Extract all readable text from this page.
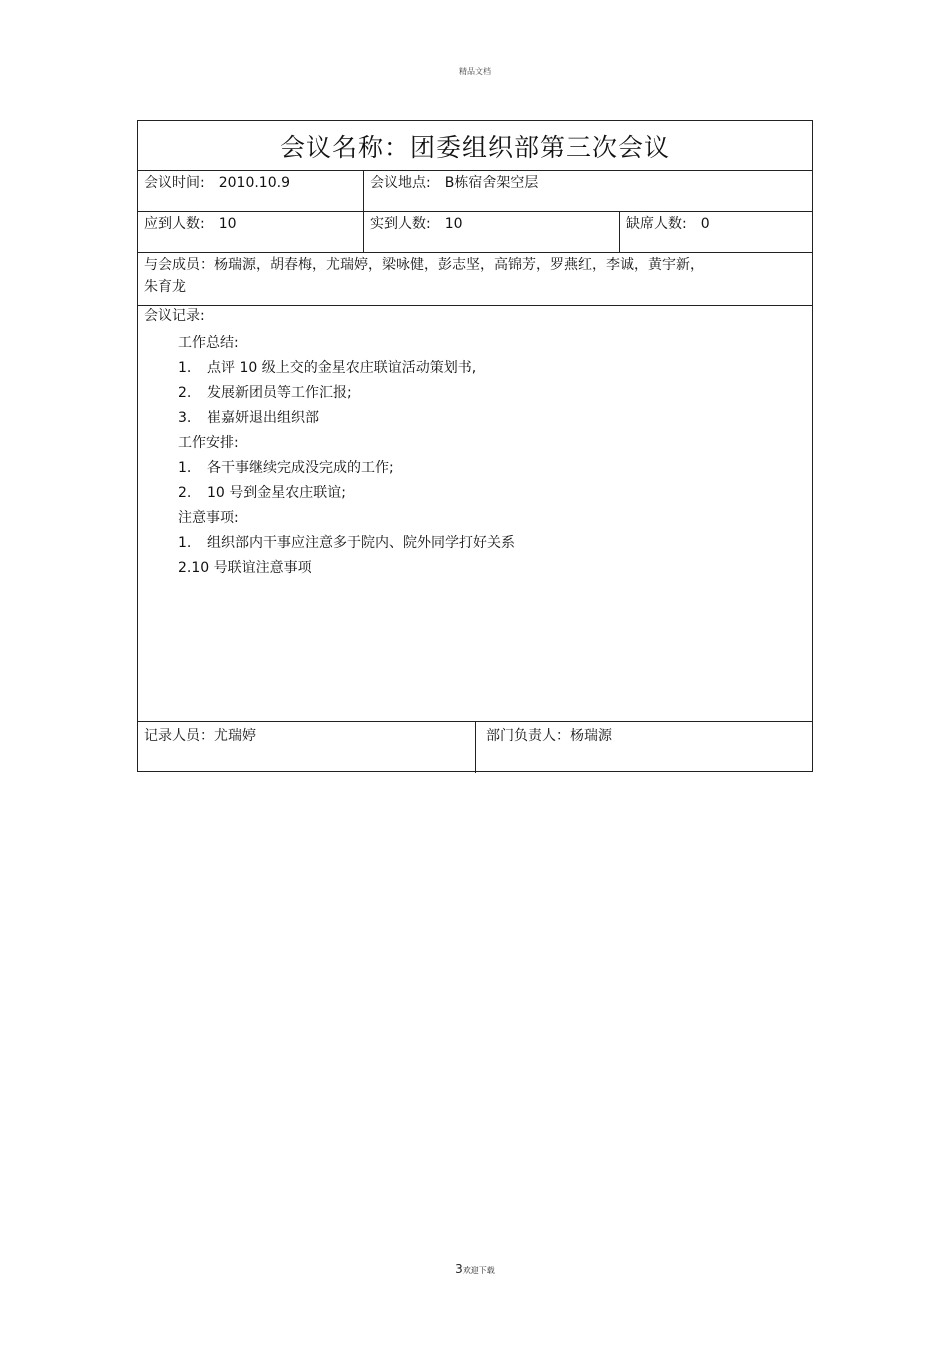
精品文档
会议名称：团委组织部第三次会议
会议时间: 2010.10.9	会议地点: B栋宿舍架空层
应到人数: 10	实到人数: 10	缺席人数: 0
与会成员：杨瑞源，胡春梅，尤瑞婷，梁咏健，彭志坚，高锦芳，罗燕红，李诚，黄宇新，
朱育龙
会议记录:
工作总结:
1. 点评 10 级上交的金星农庄联谊活动策划书,
2. 发展新团员等工作汇报;
3. 崔嘉妍退出组织部
工作安排:
1. 各干事继续完成没完成的工作;
2. 10 号到金星农庄联谊;
注意事项:
1. 组织部内干事应注意多于院内、院外同学打好关系
2.10 号联谊注意事项
记录人员：尤瑞婷	部门负责人：杨瑞源
3欢迎下载
